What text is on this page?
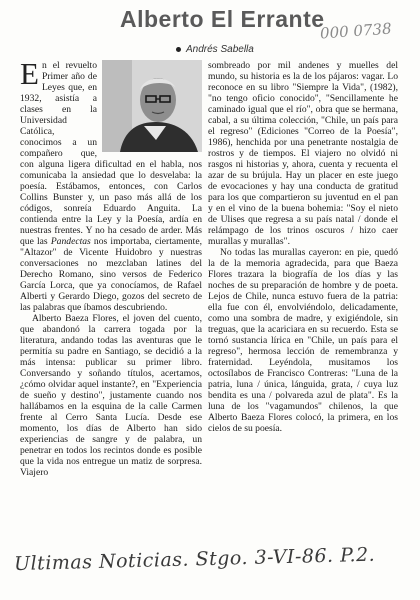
Alberto El Errante
000 0738
Andrés Sabella

En el revuelto Primer año de Leyes que, en 1932, asistía a clases en la Universidad Católica, conocimos a un compañero que, con alguna ligera dificultad en el habla, nos comunicaba la ansiedad que lo desvelaba: la poesía. Estábamos, entonces, con Carlos Collins Bunster y, un paso más allá de los códigos, sonreía Eduardo Anguita. La contienda entre la Ley y la Poesía, ardía en nuestras frentes. Y no ha cesado de arder. Más que las Pandectas nos importaba, ciertamente, "Altazor" de Vicente Huidobro y nuestras conversaciones no mezclaban latines del Derecho Romano, sino versos de Federico García Lorca, que ya conocíamos, de Rafael Alberti y Gerardo Diego, gozos del secreto de las palabras que íbamos descubriendo.

Alberto Baeza Flores, el joven del cuento, que abandonó la carrera togada por la literatura, andando todas las aventuras que le permitía su padre en Santiago, se decidió a la más intensa: publicar su primer libro. Conversando y soñando títulos, acertamos, ¿cómo olvidar aquel instante?, en "Experiencia de sueño y destino", justamente cuando nos hallábamos en la esquina de la calle Carmen frente al Cerro Santa Lucía. Desde ese momento, los días de Alberto han sido experiencias de sangre y de palabra, un penetrar en todos los recintos donde es posible que la vida nos entregue un matiz de sorpresa. Viajero

sombreado por mil andenes y muelles del mundo, su historia es la de los pájaros: vagar. Lo reconoce en su libro "Siempre la Vida", (1982), "no tengo oficio conocido", "Sencillamente he caminado igual que el río", obra que se hermana, cabal, a su última colección, "Chile, un país para el regreso" (Ediciones "Correo de la Poesía", 1986), henchida por una penetrante nostalgia de rostros y de tiempos. El viajero no olvidó ni rasgos ni historias y, ahora, cuenta y recuenta el azar de su brújula. Hay un placer en este juego de evocaciones y hay una conducta de gratitud para los que compartieron su juventud en el pan y en el vino de la buena bohemia: "Soy el nieto de Ulises que regresa a su país natal / donde el relámpago de los trinos oscuros / hizo caer murallas y murallas".

No todas las murallas cayeron: en pie, quedó la de la memoria agradecida, para que Baeza Flores trazara la biografía de los días y las noches de su preparación de hombre y de poeta. Lejos de Chile, nunca estuvo fuera de la patria: ella fue con él, envolviéndolo, delicadamente, como una sombra de madre, y exigiéndole, sin treguas, que la acariciara en su recuerdo. Esta se tornó sustancia lírica en "Chile, un país para el regreso", hermosa lección de remembranza y fraternidad. Leyéndola, musitamos los octosílabos de Francisco Contreras: "Luna de la patria, luna / única, lánguida, grata, / cuya luz bendita es una / polvareda azul de plata". Es la luna de los "vagamundos" chilenos, la que Alberto Baeza Flores colocó, la primera, en los cielos de su poesía.

Ultimas Noticias. Stgo. 3-VI-86. P.2.
